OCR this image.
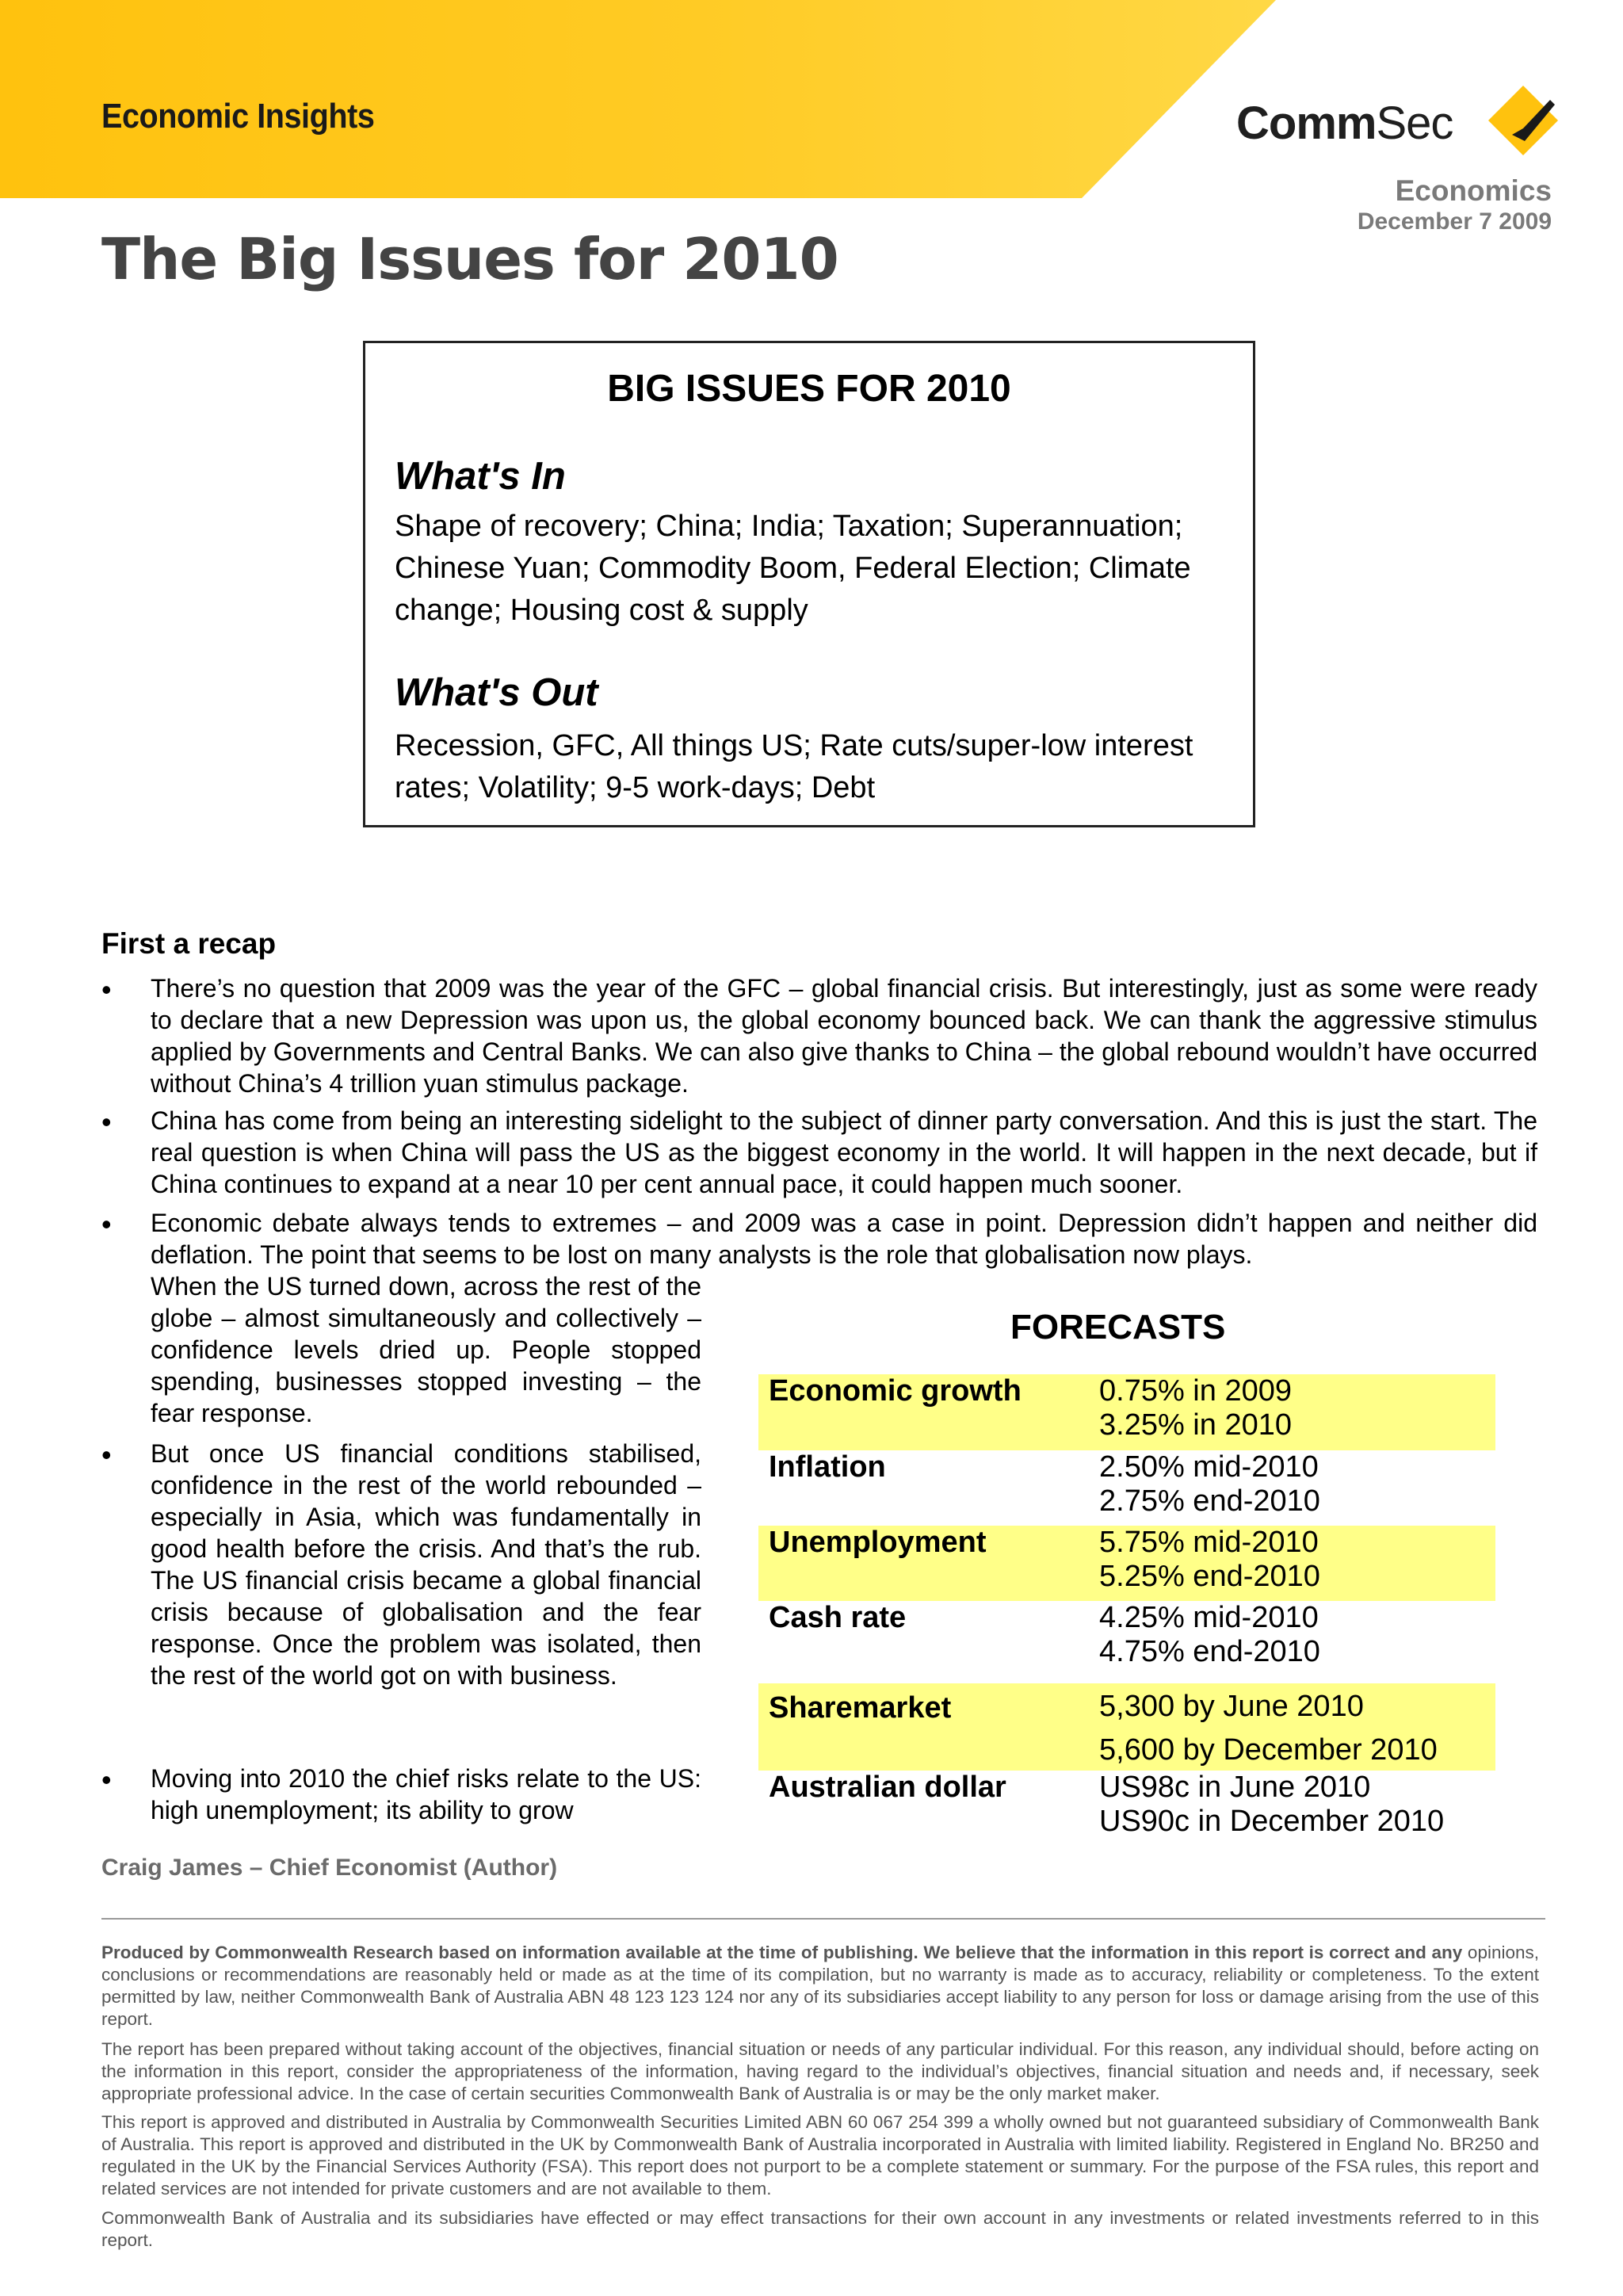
Economic Insights	CommSec
Economics
December 7 2009
The Big Issues for 2010
BIG ISSUES FOR 2010
What's In
Shape of recovery; China; India; Taxation; Superannuation; Chinese Yuan; Commodity Boom, Federal Election; Climate change; Housing cost & supply
What's Out
Recession, GFC, All things US; Rate cuts/super-low interest rates; Volatility; 9-5 work-days; Debt
First a recap
• There’s no question that 2009 was the year of the GFC – global financial crisis. But interestingly, just as some were ready to declare that a new Depression was upon us, the global economy bounced back. We can thank the aggressive stimulus applied by Governments and Central Banks. We can also give thanks to China – the global rebound wouldn’t have occurred without China’s 4 trillion yuan stimulus package.
• China has come from being an interesting sidelight to the subject of dinner party conversation. And this is just the start. The real question is when China will pass the US as the biggest economy in the world. It will happen in the next decade, but if China continues to expand at a near 10 per cent annual pace, it could happen much sooner.
• Economic debate always tends to extremes – and 2009 was a case in point. Depression didn’t happen and neither did deflation. The point that seems to be lost on many analysts is the role that globalisation now plays.
When the US turned down, across the rest of the globe – almost simultaneously and collectively – confidence levels dried up. People stopped spending, businesses stopped investing – the fear response.
• But once US financial conditions stabilised, confidence in the rest of the world rebounded – especially in Asia, which was fundamentally in good health before the crisis. And that’s the rub. The US financial crisis became a global financial crisis because of globalisation and the fear response. Once the problem was isolated, then the rest of the world got on with business.
• Moving into 2010 the chief risks relate to the US: high unemployment; its ability to grow
FORECASTS
Economic growth	0.75% in 2009
3.25% in 2010
Inflation	2.50% mid-2010
2.75% end-2010
Unemployment	5.75% mid-2010
5.25% end-2010
Cash rate	4.25% mid-2010
4.75% end-2010
Sharemarket	5,300 by June 2010
5,600 by December 2010
Australian dollar	US98c in June 2010
US90c in December 2010
Craig James – Chief Economist (Author)
Produced by Commonwealth Research based on information available at the time of publishing. We believe that the information in this report is correct and any opinions, conclusions or recommendations are reasonably held or made as at the time of its compilation, but no warranty is made as to accuracy, reliability or completeness. To the extent permitted by law, neither Commonwealth Bank of Australia ABN 48 123 123 124 nor any of its subsidiaries accept liability to any person for loss or damage arising from the use of this report.
The report has been prepared without taking account of the objectives, financial situation or needs of any particular individual. For this reason, any individual should, before acting on the information in this report, consider the appropriateness of the information, having regard to the individual’s objectives, financial situation and needs and, if necessary, seek appropriate professional advice. In the case of certain securities Commonwealth Bank of Australia is or may be the only market maker.
This report is approved and distributed in Australia by Commonwealth Securities Limited ABN 60 067 254 399 a wholly owned but not guaranteed subsidiary of Commonwealth Bank of Australia. This report is approved and distributed in the UK by Commonwealth Bank of Australia incorporated in Australia with limited liability. Registered in England No. BR250 and regulated in the UK by the Financial Services Authority (FSA). This report does not purport to be a complete statement or summary. For the purpose of the FSA rules, this report and related services are not intended for private customers and are not available to them.
Commonwealth Bank of Australia and its subsidiaries have effected or may effect transactions for their own account in any investments or related investments referred to in this report.
